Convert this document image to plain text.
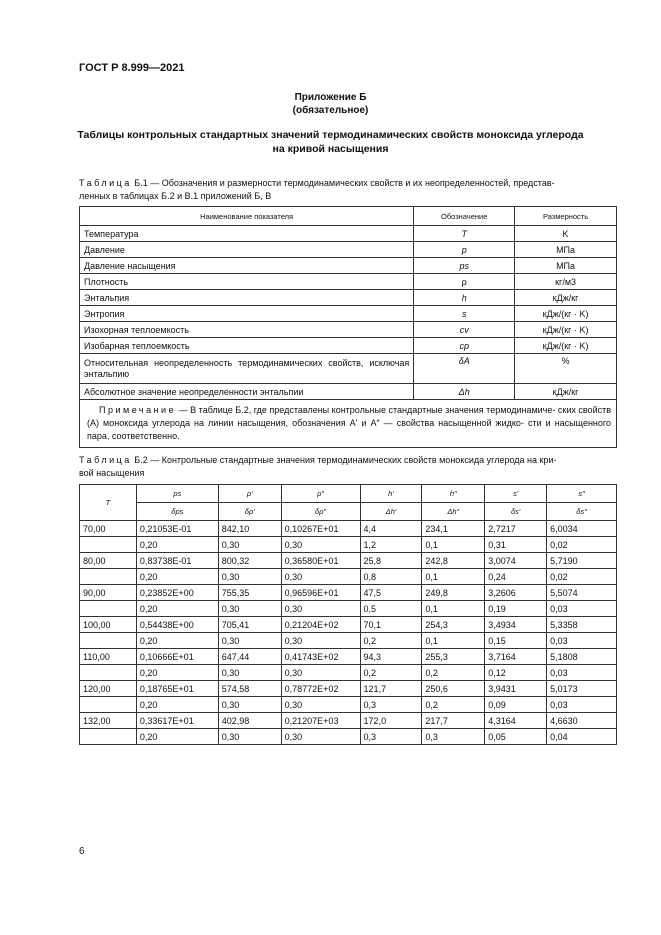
ГОСТ Р 8.999—2021
Приложение Б
(обязательное)
Таблицы контрольных стандартных значений термодинамических свойств моноксида углерода
на кривой насыщения
Таблица Б.1 — Обозначения и размерности термодинамических свойств и их неопределенностей, представ-
ленных в таблицах Б.2 и В.1 приложений Б, В
Наименование показателя	Обозначение	Размерность
Температура	T	K
Давление	p	МПа
Давление насыщения	ps	МПа
Плотность	ρ	кг/м3
Энтальпия	h	кДж/кг
Энтропия	s	кДж/(кг · K)
Изохорная теплоемкость	cv	кДж/(кг · K)
Изобарная теплоемкость	cp	кДж/(кг · K)
Относительная неопределенность термодинамических свойств, исключая энтальпию	δA	%
Абсолютное значение неопределенности энтальпии	Δh	кДж/кг
Примечание — В таблице Б.2, где представлены контрольные стандартные значения термодинамиче- ских свойств (A) моноксида углерода на линии насыщения, обозначения A′ и A″ — свойства насыщенной жидко- сти и насыщенного пара, соответственно.		
Таблица Б.2 — Контрольные стандартные значения термодинамических свойств моноксида углерода на кри-
вой насыщения
T	ps	ρ′	ρ″	h′	h″	s′	s″
	δps	δρ′	δρ″	Δh′	Δh″	δs′	δs″
70,00	0,21053E-01	842,10	0,10267E+01	4,4	234,1	2,7217	6,0034
	0,20	0,30	0,30	1,2	0,1	0,31	0,02
80,00	0,83738E-01	800,32	0,36580E+01	25,8	242,8	3,0074	5,7190
	0,20	0,30	0,30	0,8	0,1	0,24	0,02
90,00	0,23852E+00	755,35	0,96596E+01	47,5	249,8	3,2606	5,5074
	0,20	0,30	0,30	0,5	0,1	0,19	0,03
100,00	0,54438E+00	705,41	0,21204E+02	70,1	254,3	3,4934	5,3358
	0,20	0,30	0,30	0,2	0,1	0,15	0,03
110,00	0,10666E+01	647,44	0,41743E+02	94,3	255,3	3,7164	5,1808
	0,20	0,30	0,30	0,2	0,2	0,12	0,03
120,00	0,18765E+01	574,58	0,78772E+02	121,7	250,6	3,9431	5,0173
	0,20	0,30	0,30	0,3	0,2	0,09	0,03
132,00	0,33617E+01	402,98	0,21207E+03	172,0	217,7	4,3164	4,6630
	0,20	0,30	0,30	0,3	0,3	0,05	0,04
6
